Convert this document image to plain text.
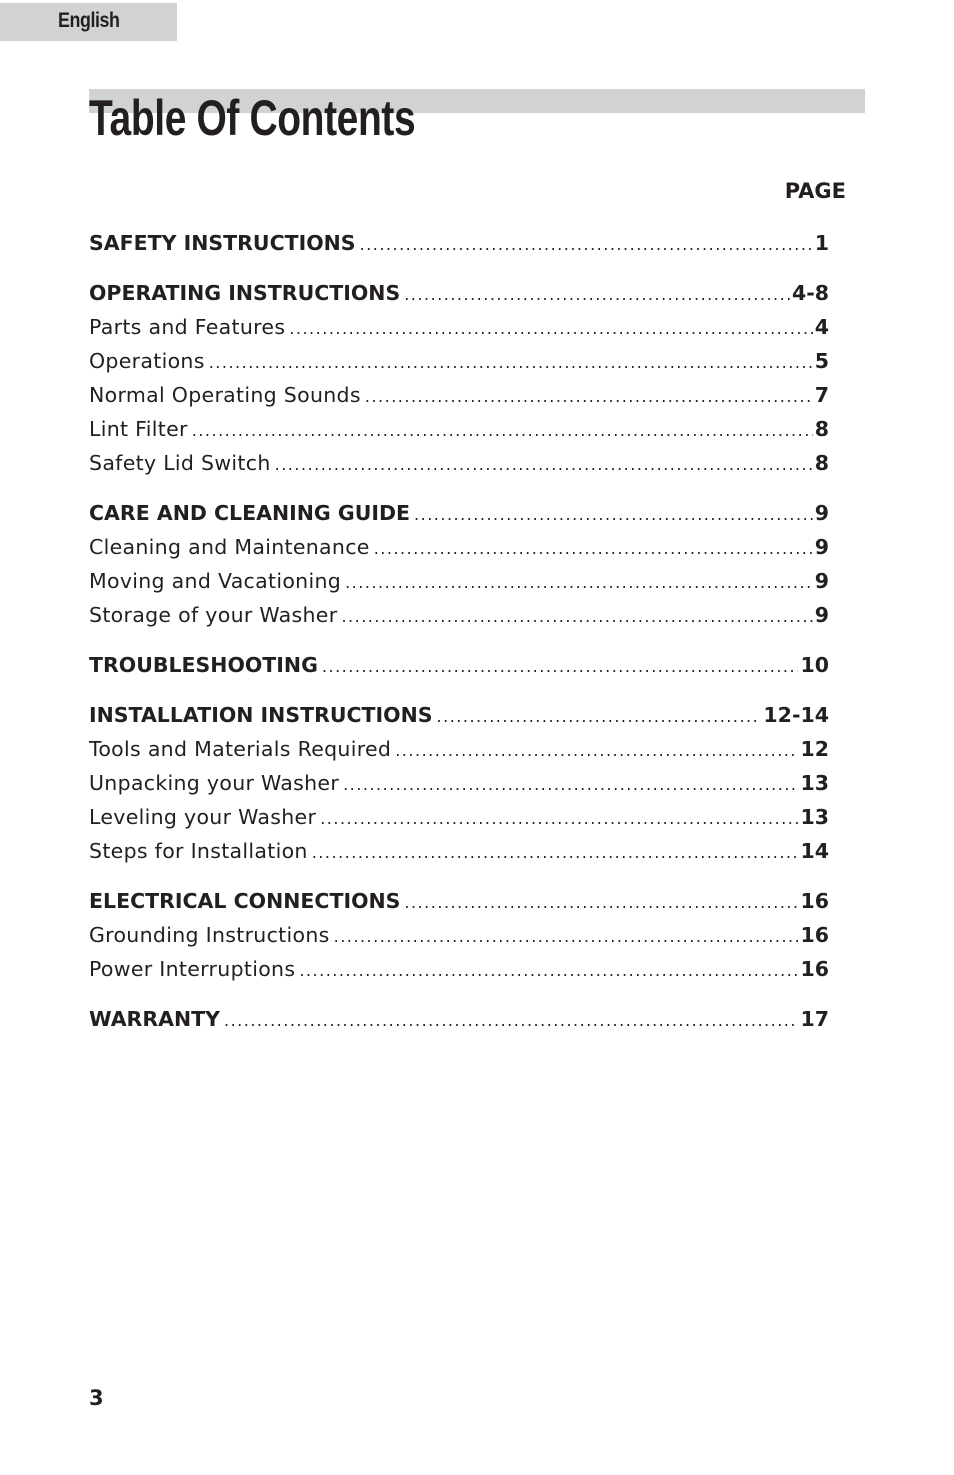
English
Table Of Contents
PAGE
SAFETY INSTRUCTIONS .....	1
OPERATING INSTRUCTIONS .....	4-8
Parts and Features .....	4
Operations .....	5
Normal Operating Sounds .....	7
Lint Filter .....	8
Safety Lid Switch .....	8
CARE AND CLEANING GUIDE .....	9
Cleaning and Maintenance .....	9
Moving and Vacationing .....	9
Storage of your Washer .....	9
TROUBLESHOOTING .....	10
INSTALLATION INSTRUCTIONS .....	12-14
Tools and Materials Required .....	12
Unpacking your Washer .....	13
Leveling your Washer .....	13
Steps for Installation .....	14
ELECTRICAL CONNECTIONS .....	16
Grounding Instructions .....	16
Power Interruptions .....	16
WARRANTY .....	17
3
